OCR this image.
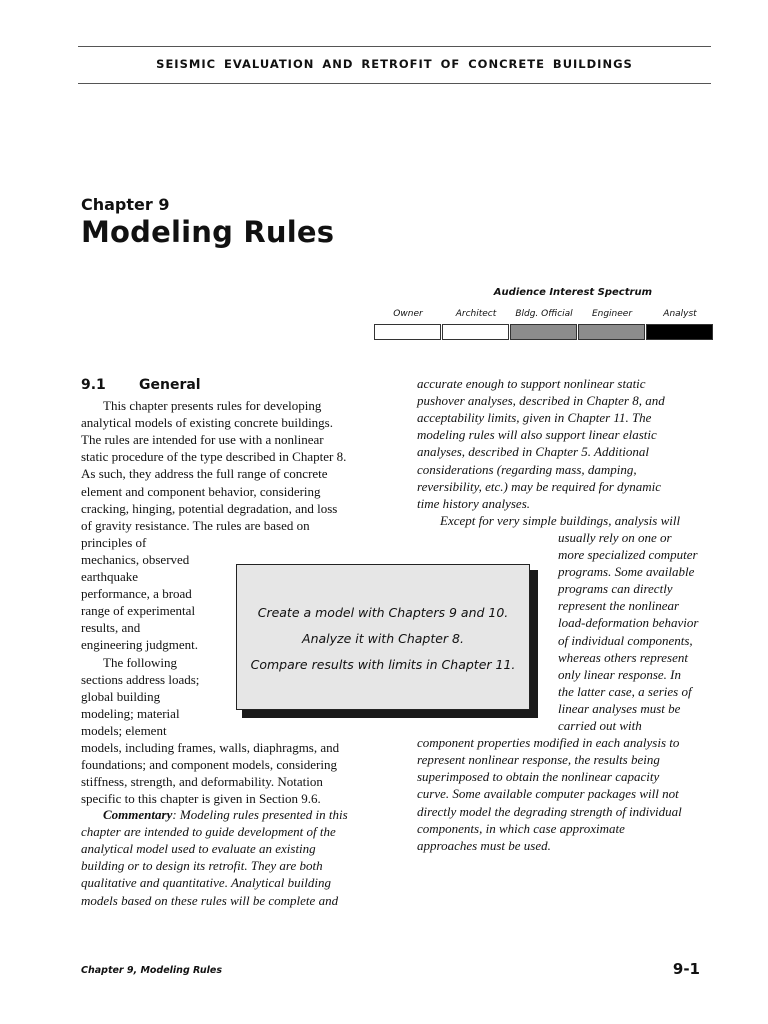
SEISMIC EVALUATION AND RETROFIT OF CONCRETE BUILDINGS
Chapter 9
Modeling Rules
Audience Interest Spectrum
Owner	Architect	Bldg. Official	Engineer	Analyst
9.1 General
This chapter presents rules for developing
analytical models of existing concrete buildings.
The rules are intended for use with a nonlinear
static procedure of the type described in Chapter 8.
As such, they address the full range of concrete
element and component behavior, considering
cracking, hinging, potential degradation, and loss
of gravity resistance. The rules are based on
principles of
mechanics, observed
earthquake
performance, a broad
range of experimental
results, and
engineering judgment.
The following
sections address loads;
global building
modeling; material
models; element
models, including frames, walls, diaphragms, and
foundations; and component models, considering
stiffness, strength, and deformability. Notation
specific to this chapter is given in Section 9.6.
Commentary: Modeling rules presented in this
chapter are intended to guide development of the
analytical model used to evaluate an existing
building or to design its retrofit. They are both
qualitative and quantitative. Analytical building
models based on these rules will be complete and
accurate enough to support nonlinear static
pushover analyses, described in Chapter 8, and
acceptability limits, given in Chapter 11. The
modeling rules will also support linear elastic
analyses, described in Chapter 5. Additional
considerations (regarding mass, damping,
reversibility, etc.) may be required for dynamic
time history analyses.
Except for very simple buildings, analysis will
usually rely on one or
more specialized computer
programs. Some available
programs can directly
represent the nonlinear
load-deformation behavior
of individual components,
whereas others represent
only linear response. In
the latter case, a series of
linear analyses must be
carried out with
component properties modified in each analysis to
represent nonlinear response, the results being
superimposed to obtain the nonlinear capacity
curve. Some available computer packages will not
directly model the degrading strength of individual
components, in which case approximate
approaches must be used.
Create a model with Chapters 9 and 10.
Analyze it with Chapter 8.
Compare results with limits in Chapter 11.
Chapter 9, Modeling Rules	9-1
